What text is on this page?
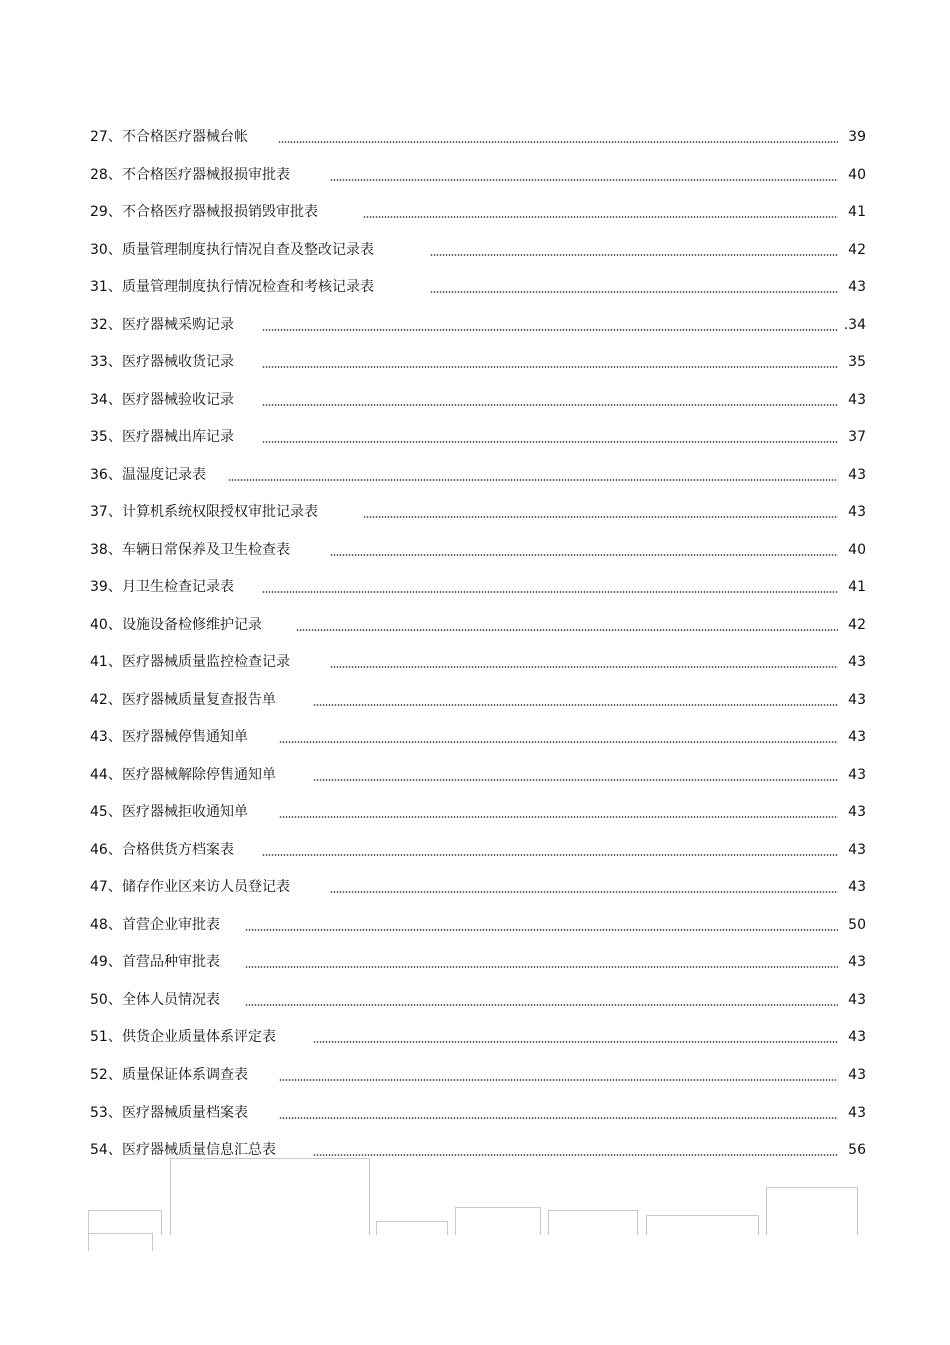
27、 不合格医疗器械台帐	39
28、 不合格医疗器械报损审批表	40
29、 不合格医疗器械报损销毁审批表	41
30、 质量管理制度执行情况自查及整改记录表	42
31、 质量管理制度执行情况检查和考核记录表	43
32、 医疗器械采购记录	.34
33、 医疗器械收货记录	35
34、 医疗器械验收记录	43
35、 医疗器械出库记录	37
36、 温湿度记录表	43
37、 计算机系统权限授权审批记录表	43
38、 车辆日常保养及卫生检查表	40
39、 月卫生检查记录表	41
40、 设施设备检修维护记录	42
41、 医疗器械质量监控检查记录	43
42、 医疗器械质量复查报告单	43
43、 医疗器械停售通知单	43
44、 医疗器械解除停售通知单	43
45、 医疗器械拒收通知单	43
46、 合格供货方档案表	43
47、 储存作业区来访人员登记表	43
48、 首营企业审批表	50
49、 首营品种审批表	43
50、 全体人员情况表	43
51、 供货企业质量体系评定表	43
52、 质量保证体系调查表	43
53、 医疗器械质量档案表	43
54、 医疗器械质量信息汇总表	56
